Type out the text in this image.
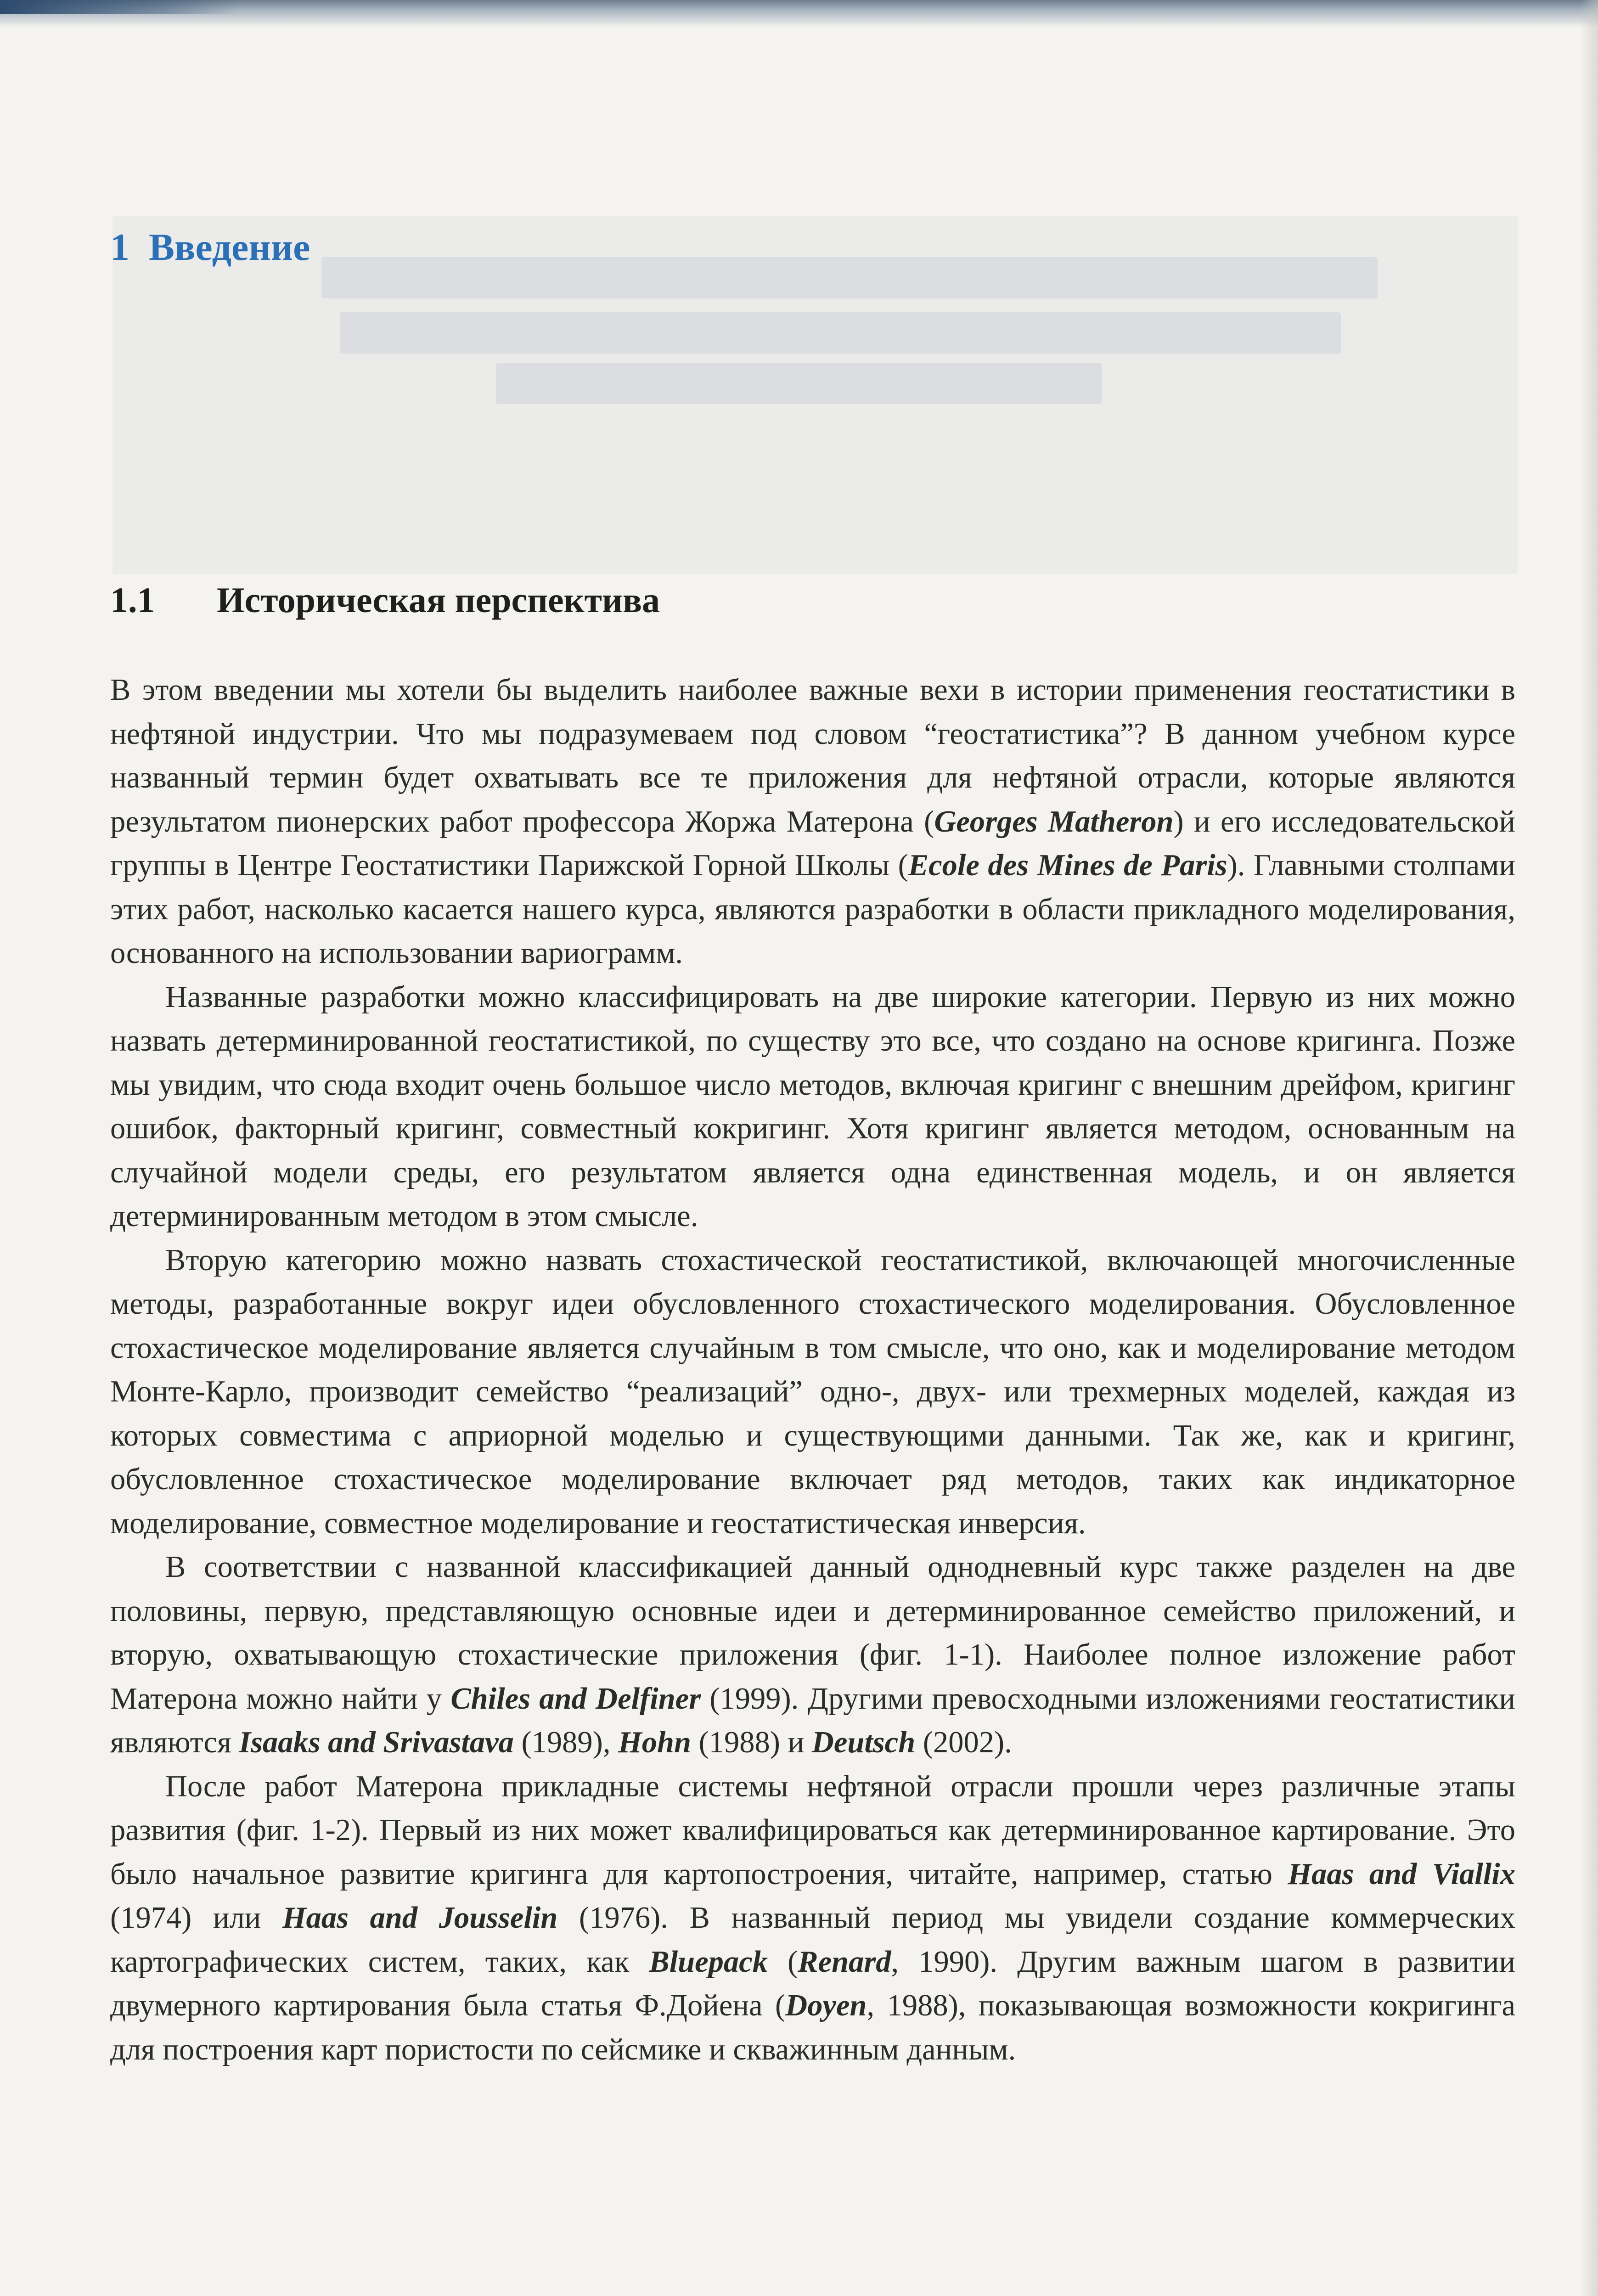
1 Введение
1.1 Историческая перспектива

В этом введении мы хотели бы выделить наиболее важные вехи в истории применения геостатистики в нефтяной индустрии. Что мы подразумеваем под словом “геостатистика”? В данном учебном курсе названный термин будет охватывать все те приложения для нефтяной отрасли, которые являются результатом пионерских работ профессора Жоржа Матерона (Georges Matheron) и его исследовательской группы в Центре Геостатистики Парижской Горной Школы (Ecole des Mines de Paris). Главными столпами этих работ, насколько касается нашего курса, являются разработки в области прикладного моделирования, основанного на использовании вариограмм.

Названные разработки можно классифицировать на две широкие категории. Первую из них можно назвать детерминированной геостатистикой, по существу это все, что создано на основе кригинга. Позже мы увидим, что сюда входит очень большое число методов, включая кригинг с внешним дрейфом, кригинг ошибок, факторный кригинг, совместный кокригинг. Хотя кригинг является методом, основанным на случайной модели среды, его результатом является одна единственная модель, и он является детерминированным методом в этом смысле.

Вторую категорию можно назвать стохастической геостатистикой, включающей многочисленные методы, разработанные вокруг идеи обусловленного стохастического моделирования. Обусловленное стохастическое моделирование является случайным в том смысле, что оно, как и моделирование методом Монте-Карло, производит семейство “реализаций” одно-, двух- или трехмерных моделей, каждая из которых совместима с априорной моделью и существующими данными. Так же, как и кригинг, обусловленное стохастическое моделирование включает ряд методов, таких как индикаторное моделирование, совместное моделирование и геостатистическая инверсия.

В соответствии с названной классификацией данный однодневный курс также разделен на две половины, первую, представляющую основные идеи и детерминированное семейство приложений, и вторую, охватывающую стохастические приложения (фиг. 1-1). Наиболее полное изложение работ Матерона можно найти у Chiles and Delfiner (1999). Другими превосходными изложениями геостатистики являются Isaaks and Srivastava (1989), Hohn (1988) и Deutsch (2002).

После работ Матерона прикладные системы нефтяной отрасли прошли через различные этапы развития (фиг. 1-2). Первый из них может квалифицироваться как детерминированное картирование. Это было начальное развитие кригинга для картопостроения, читайте, например, статью Haas and Viallix (1974) или Haas and Jousselin (1976). В названный период мы увидели создание коммерческих картографических систем, таких, как Bluepack (Renard, 1990). Другим важным шагом в развитии двумерного картирования была статья Ф.Дойена (Doyen, 1988), показывающая возможности кокригинга для построения карт пористости по сейсмике и скважинным данным.
